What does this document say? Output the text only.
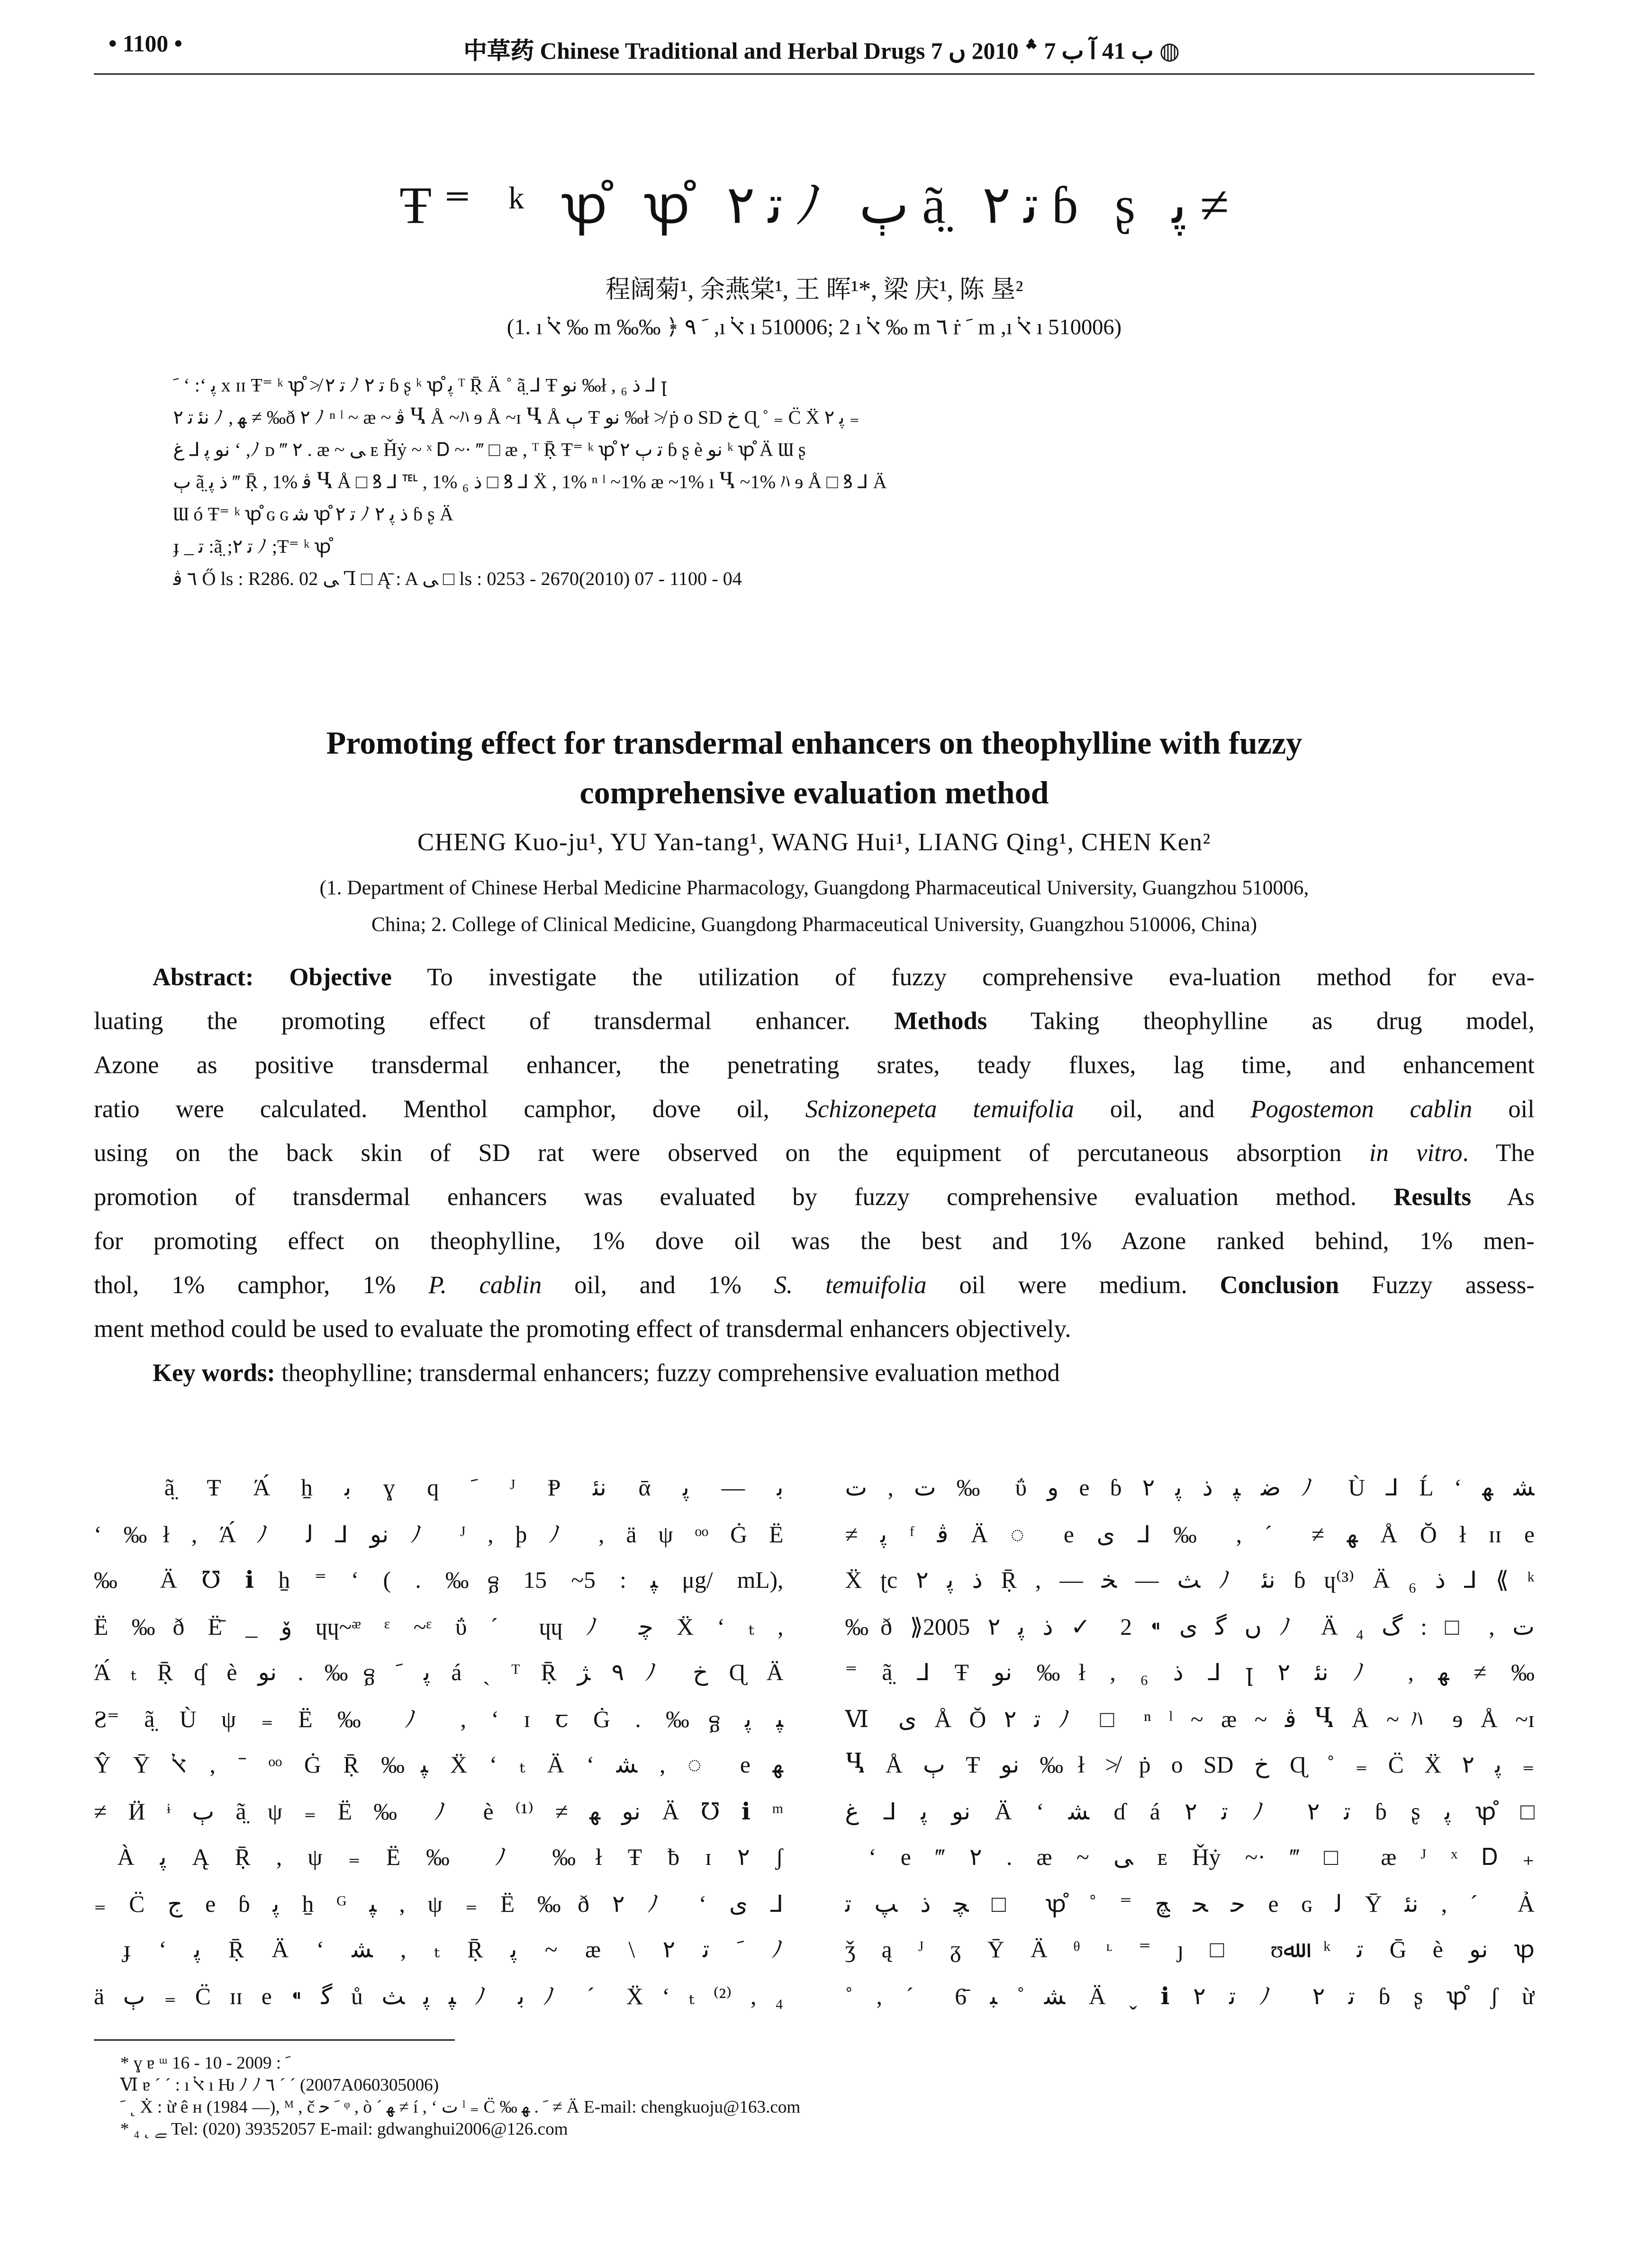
• 1100 •	中草药 Chinese Traditional and Herbal Drugs ب 41 ﺁ ب 7 ؞ 2010 ں 7 ◍
Ŧ⁼ ᵏ ꝕ̊ ꝕ̊ ﺗ ٢ ﾉ ﭒ ã̤ ﺗ ٢ ɓ ʂ ﭘ ≠
程阔菊¹, 余燕棠¹, 王 晖¹*, 梁 庆¹, 陈 垦²
(1. ı ﭏ ‰ m ‰‰ ﴿ ﹶ ٩ ,ı ﭏ ı 510006; 2 ı ﭏ ‰ m ٦ ṙ ﹶ m ,ı ﭏ ı 510006)
ﹶ ʻ :ʻ ﭘ x ɪɪ Ŧ⁼ ᵏ ꝕ̊ ≯ ﺗ ٢ ﾉ ﺗ ٢ ɓ ʂ ᵏ ꝕ̊ ﭘ ᵀ Ṝ Ä ˚ ã̤ ⅃ Ŧ ﻧﻮ ‰ł , ﺫ ₆ ⅃ ꞁ
ﻧﺌ ﺗ ٢ ﾉ , ﻬ ≠ ‰ð ٢ ﾉ ⁿ ˡ ~ æ ~ ﭬ Ⴁ Å ~ﾊ ɘ Å ~ɪ Ⴁ Å ﭒ Ŧ ﻧﻮ ‰ł ≯ ṗ o SD ﺥ Ɋ ˚ ₌ C̈ Ẍ ﭘ ٢ ₌
ﻧﻮ ﭘ ⅃ ﻍ ʻ ,ﾉ ᴅ ‴ ٢ . æ ~ ﯽ ᴇ Ȟẏ ~ ˣ Ꭰ ~· ‴ □ æ , ᵀ Ṝ Ŧ⁼ ᵏ ꝕ̊ ﺗ ﭒ ٢ ɓ ʂ è ﻧﻮ ᵏ ꝕ̊ Ä Ɯ ʂ
ﭒ ã̤ ﺫ ﭘ ‴ Ṝ , 1% ﭬ Ⴁ Å □ ꝸ ⅃ ℡ , 1% ﺫ ₆ □ ꝸ ⅃ Ẍ , 1% ⁿ ˡ ~1% æ ~1% ı Ⴁ ~1% ﾊ ɘ Å □ ꝸ ⅃ Ä
Ɯ ó Ŧ⁼ ᵏ ꝕ̊ ɢ ɢ ﺷ ꝕ̊ ﺗ ٢ ﾉ ﺫ ﭘ ٢ ɓ ʂ Ä
ɟ _ ﺗ :ã̤ ;ﺗ ٢ ﾉ ;Ŧ⁼ ᵏ ꝕ̊
٦ ﭬ Ő ls : R286. 02 ﯽ Ꞁ □ Ą̄ : A ﯽ □ ls : 0253 - 2670(2010) 07 - 1100 - 04
Promoting effect for transdermal enhancers on theophylline with fuzzy
comprehensive evaluation method
CHENG Kuo-ju¹, YU Yan-tang¹, WANG Hui¹, LIANG Qing¹, CHEN Ken²
(1. Department of Chinese Herbal Medicine Pharmacology, Guangdong Pharmaceutical University, Guangzhou 510006,
China; 2. College of Clinical Medicine, Guangdong Pharmaceutical University, Guangzhou 510006, China)
Abstract:	Objective	To investigate the utilization of fuzzy comprehensive eva-luation method for eva-
luating the promoting effect of transdermal enhancer.	Methods	Taking theophylline as drug model,
Azone as positive transdermal enhancer, the penetrating srates, teady fluxes, lag time, and enhancement
ratio were calculated. Menthol camphor, dove oil,	Schizonepeta temuifolia	oil, and	Pogostemon cablin	oil
using on the back skin of SD rat were observed on the equipment of percutaneous absorption	in vitro. The
promotion of transdermal enhancers was evaluated by fuzzy comprehensive evaluation method.	Results	As
for promoting effect on theophylline, 1% dove oil was the best and 1% Azone ranked behind, 1% men-
thol, 1% camphor, 1%	P. cablin	oil, and 1%	S. temuifolia	oil were medium.	Conclusion	Fuzzy assess-
ment method could be used to evaluate the promoting effect of transdermal enhancers objectively.
Key words: theophylline; transdermal enhancers; fuzzy comprehensive evaluation method
ã̤ Ŧ Ά́ ẖ ﺑ ɣ q ﹶ ᴶ Ᵽ ﻧﺌ ᾱ ﺑ — ﭘ
ʻ ‰ł , Ά́ ﾉ ﻧﻮ ⅃ ﻟ ﾉ ᴶ , þ ﾉ , ä ψ ᵒᵒ Ġ Ë
‰ Ä ℧ ℹ ẖ ⁼ ʻ ( . ‰ᵷ ﭙ : 5~ 15 μg/ mL),
Ë ‰ð Ë̄ _ ﯙ ɥɥ~ᵆ ᵋ ~ᵋ ΰ ˊ ɥɥ ﾉ ﭼ Ẍ ʻ ₜ ,
Ά́ ₜ Ṝ ʠ è ﻧﻮ . ‰ᵷ ﭘ ﹶ á ˏ ᵀ Ṝ ٩ ﮋ ﾉ ﺥ Ɋ Ä
Ƨ⁼ ã̤ Ù ψ ₌ Ë ‰ ﾉ , ʻ ɪ ꞇ Ġ . ‰ᵷ ﭙ ﭘ
Ŷ Ȳ ﭏ ‚ ˉ ᵒᵒ Ġ Ṝ ‰ﭙ Ẍ ʻ ₜ Ä ʻ ﺸ , ◌ e ﻬ
≠ Ӥ ᶤ ﭒ ã̤ ψ ₌ Ë ‰ ﾉ è ﻧﻮ ﻬ ≠ ⁽¹⁾ Ä ℧ ℹ ᵐ
À ﭘ Ą Ṝ , ψ ₌ Ë ‰ ﾉ ‰ł Ŧ ƀ ɪ ٢ ʃ
₌ C̈ ﺝ e ɓ ﭘ ẖ ᴳ ﭙ , ψ ₌ Ë ‰ð ٢ ﾉ ʻ ﯼ ⅃
ɟ ʻ ﭘ Ṝ Ä ʻ ﺸ , ₜ Ṝ ﭘ ~ æ \ ﹶ ﺗ ٢ ﾉ
ä ﭒ ₌ C̈ ɪɪ e ⁌ ﮔ ů ﭙ ﭘ ﺚ ﾉ ﺑ ﾉ ˊ Ẍ ʻ ₜ ⁽²⁾ , ₄
ﺕ , ﺕ ‰ ΰ ﻭ e ɓ ﺿ ﭙ ﺫ ﭘ ٢ ﾉ Ù ⅃ Ĺ ʻ ﺸ ﻬ
≠ ﭘ ᶠ ﭬ Ä ◌ e ﻬ ≠ ˊ , ‰ ⅃ ﯼ Å Ŏ ł ɪɪ e
Ẍ ʈc ﺫ ﭘ ٢ Ṝ , — ﺚ — ﺨ ﾉ ﻧﺌ ɓ ɥ⁽³⁾ Ä ﺫ ₆ ⅃ ⟪ ᵏ
‰ð ⟫2005 ں ﮔ ﯼ ⁌ 2 ✓ ﺫ ﭘ ٢ ﾉ Ä ₄ ﺕ , □ : ﮒ
⁼ ã̤ ⅃ Ŧ ﻧﻮ ‰ł , ﺫ ₆ ⅃ ꞁ ﻧﺌ ٢ ﾉ , ﻬ ≠ ‰
Ⅵ ﯼ Å Ŏ ﺗ ٢ ﾉ □ ⁿ ˡ ~ æ ~ ﭬ Ⴁ Å ~ﾊ ɘ Å ~ɪ
Ⴁ Å ﭒ Ŧ ﻧﻮ ‰ł ≯ ṗ o SD ﺥ Ɋ ˚ ₌ C̈ Ẍ ﭘ ٢ ₌
ﻧﻮ ﭘ ⅃ ﻍ Ä ʻ ﺸ ɗ á ﺗ ٢ ﾉ ﺗ ٢ ɓ ʂ ﭘ ꝕ̊ □
ʻ e ‴ ٢ . æ ~ ﯽ ᴇ Ȟẏ ~· ‴ □ æ ᴶ ˣ Ꭰ ₊
ﭽ ﺫ ﭗ ﺗ □ ꝕ̊ ˚ ⁼ ﺣ ﺤ ﭻ e ɢ ﻟ Ȳ ﻧﺌ , ˊ Ả
ǯ ą ᴶ ᵹ Ȳ Ä ᶿ ᶫ ⁼ ȷ □ ʊﷲ ᵏ ﺗ Ḡ è ﻧﻮ ꝕ
˚ , ˊ ﺸ ̊ ﺒ 6̄ Ä ˬ ℹ ﺗ ٢ ﾉ ﺗ ٢ ɓ ʂ ꝕ̊ ʃ ừ
* ɣ ɐ ᵚ ﹶ : 2009 - 10 - 16
Ⅵ ɐ ˊ ˊ : ı ﭏ ı Ƕ ﾉ ﾉ ٦ ˊ ˊ (2007A060305006)
ﹶ ˛ Ẋ : ừ ê ʜ (1984 —), ᴹ , č ﹶ ﺣ ᵠ , ò ˊ ﻬ ≠ í , ʻ ﺕ ˡ ₌ C̈ ‰ ﹶ . ﻬ ≠ Ä E-mail: chengkuoju@163.com
* ₄ ˛ ﮯ Tel: (020) 39352057 E-mail: gdwanghui2006@126.com
